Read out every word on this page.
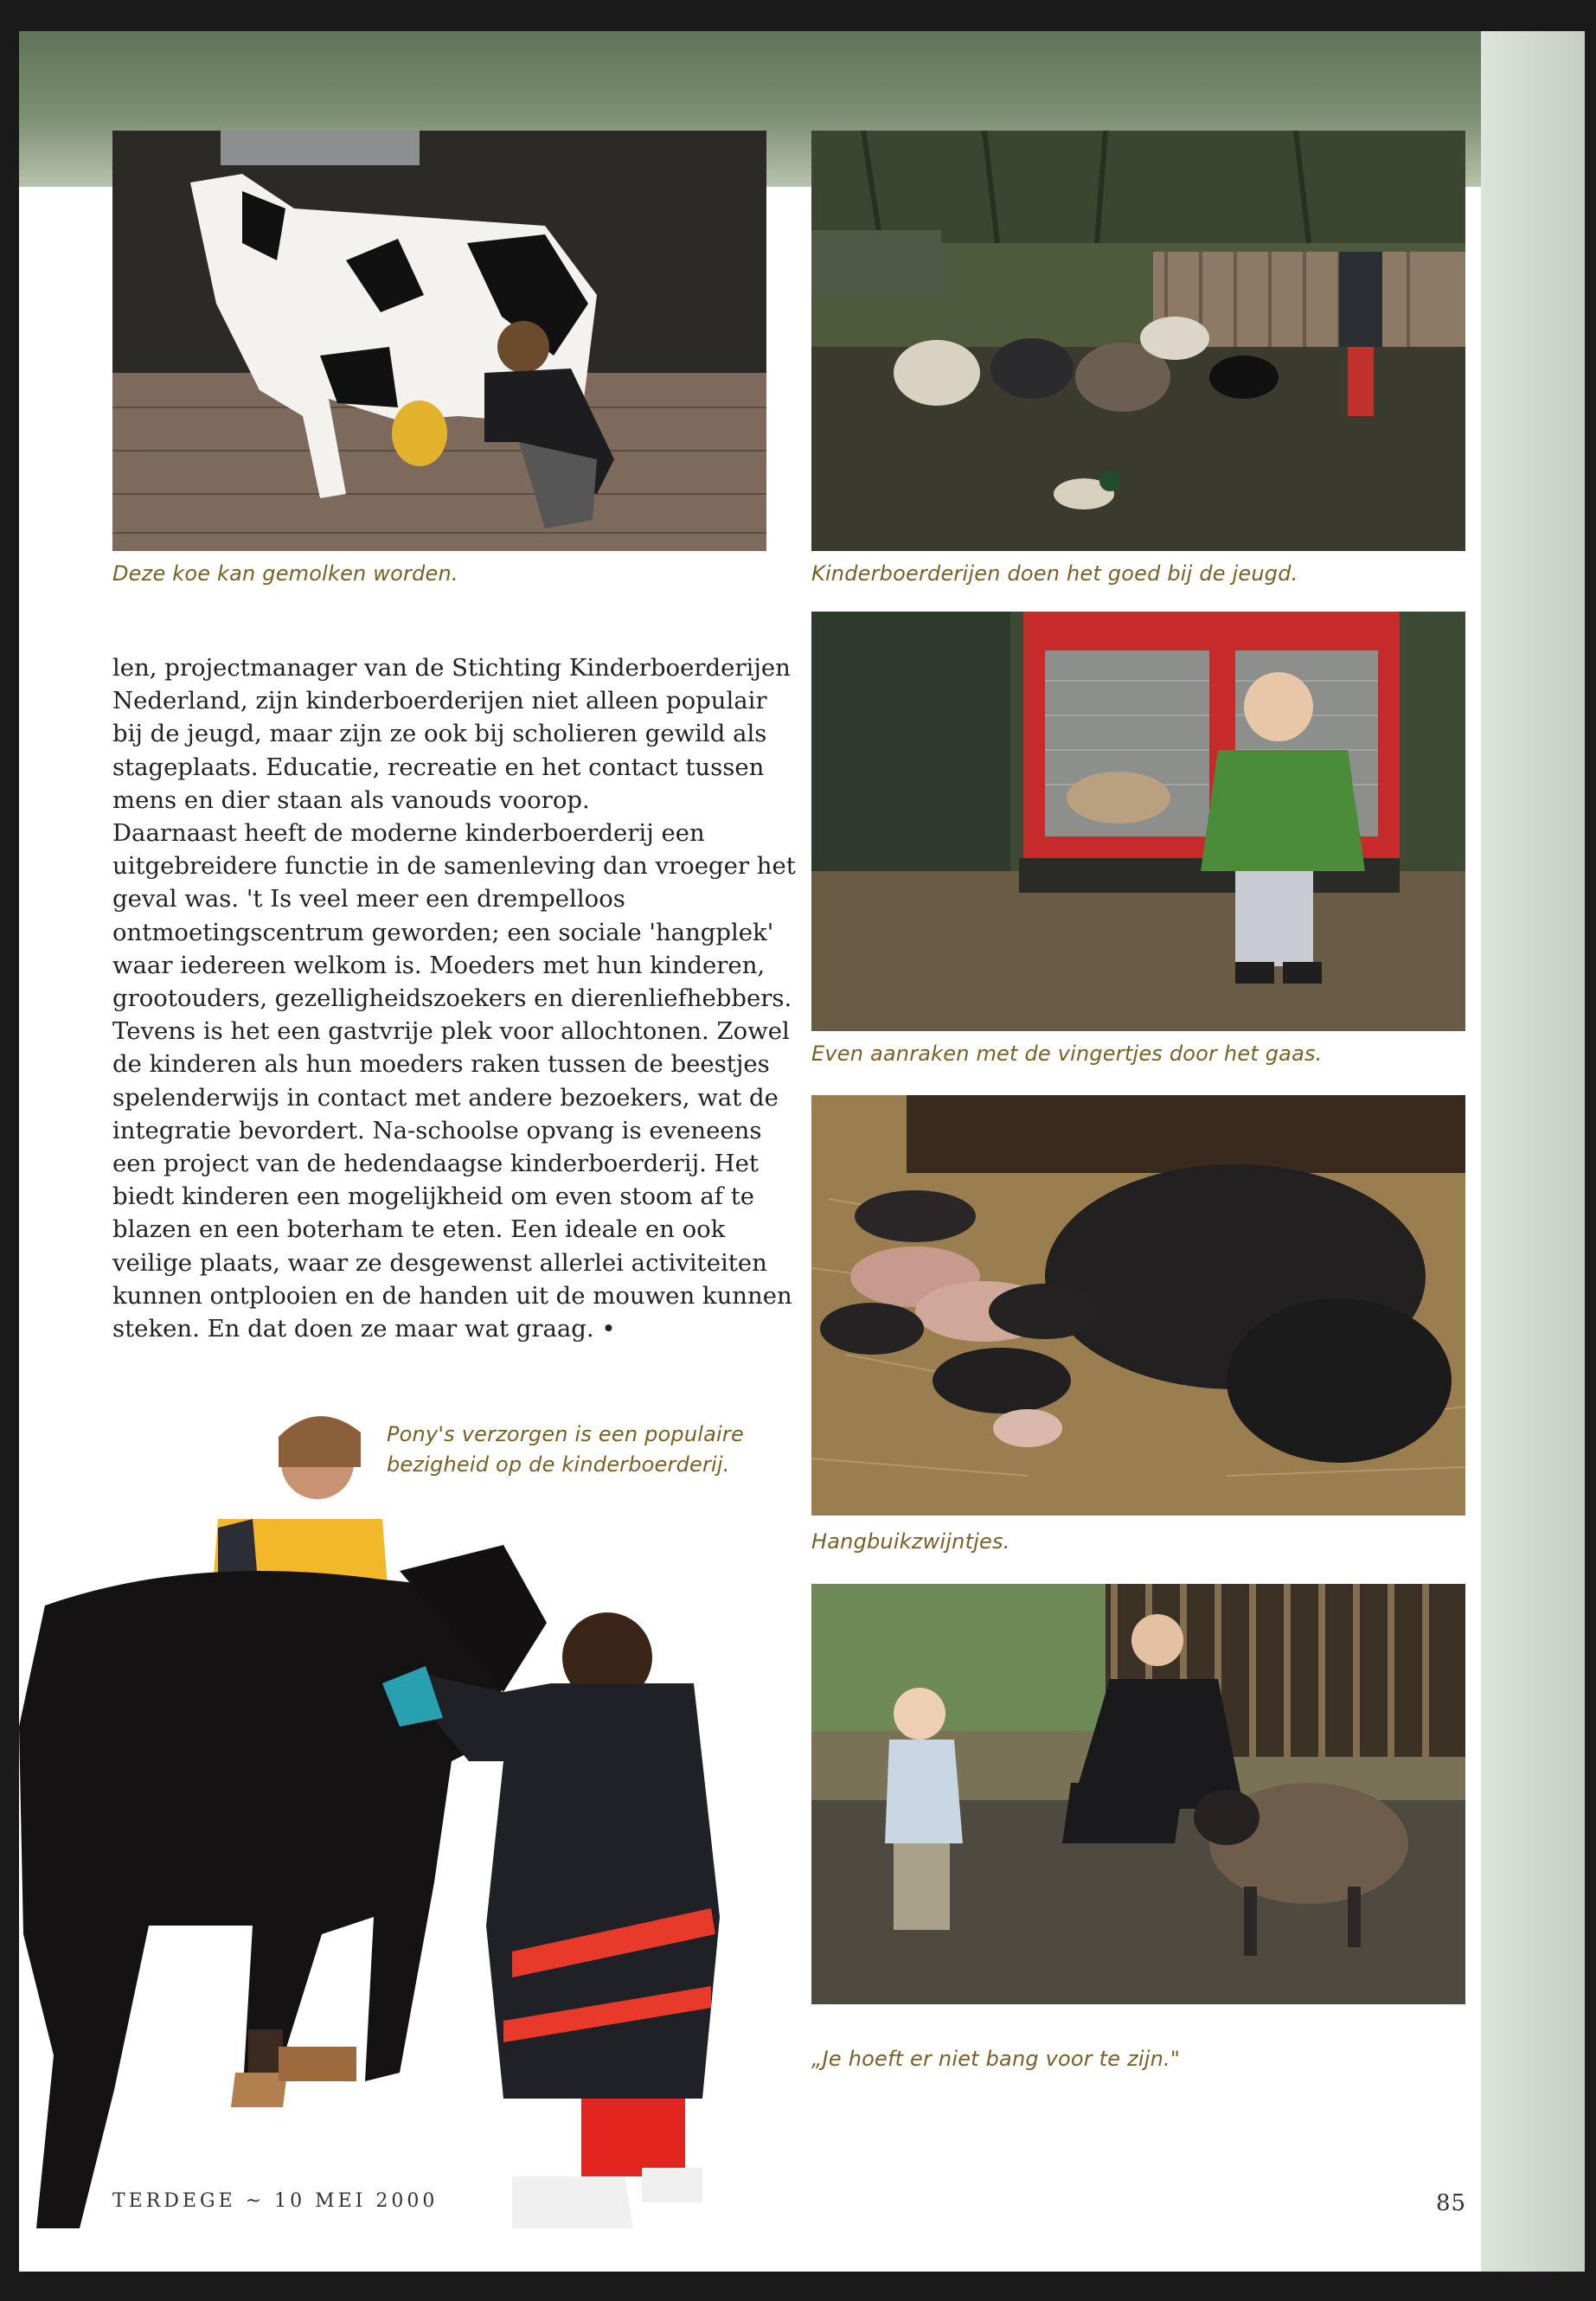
Deze koe kan gemolken worden.	Kinderboerderijen doen het goed bij de jeugd.

len, projectmanager van de Stichting Kinderboerderijen Nederland, zijn kinderboerderijen niet alleen populair bij de jeugd, maar zijn ze ook bij scholieren gewild als stageplaats. Educatie, recreatie en het contact tussen mens en dier staan als vanouds voorop.

Daarnaast heeft de moderne kinderboerderij een uitgebreidere functie in de samenleving dan vroeger het geval was. 't Is veel meer een drempelloos ontmoetingscentrum geworden; een sociale 'hangplek' waar iedereen welkom is. Moeders met hun kinderen, grootouders, gezelligheidszoekers en dierenliefhebbers. Tevens is het een gastvrije plek voor allochtonen. Zowel de kinderen als hun moeders raken tussen de beestjes spelenderwijs in contact met andere bezoekers, wat de integratie bevordert. Na-schoolse opvang is eveneens een project van de hedendaagse kinderboerderij. Het biedt kinderen een mogelijkheid om even stoom af te blazen en een boterham te eten. Een ideale en ook veilige plaats, waar ze desgewenst allerlei activiteiten kunnen ontplooien en de handen uit de mouwen kunnen steken. En dat doen ze maar wat graag. •

Even aanraken met de vingertjes door het gaas.
Hangbuikzwijntjes.
Pony's verzorgen is een populaire bezigheid op de kinderboerderij.
„Je hoeft er niet bang voor te zijn."
TERDEGE ~ 10 MEI 2000	85
